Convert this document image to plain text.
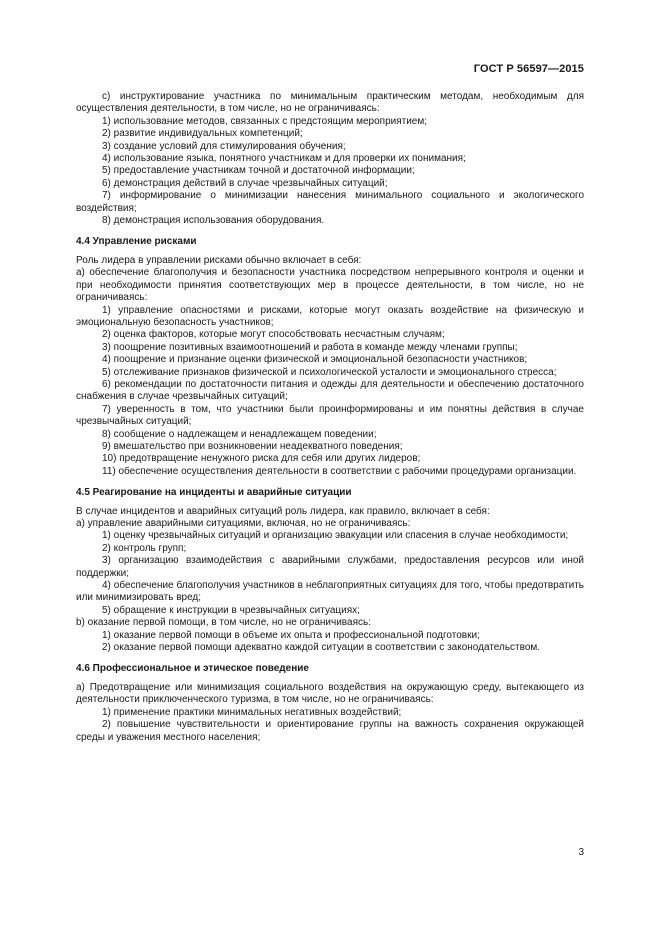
ГОСТ Р 56597—2015

с) инструктирование участника по минимальным практическим методам, необходимым для осуществления деятельности, в том числе, но не ограничиваясь:

1) использование методов, связанных с предстоящим мероприятием;

2) развитие индивидуальных компетенций;

3) создание условий для стимулирования обучения;

4) использование языка, понятного участникам и для проверки их понимания;

5) предоставление участникам точной и достаточной информации;

6) демонстрация действий в случае чрезвычайных ситуаций;

7) информирование о минимизации нанесения минимального социального и экологического воздействия;

8) демонстрация использования оборудования.

4.4 Управление рисками

Роль лидера в управлении рисками обычно включает в себя:

а) обеспечение благополучия и безопасности участника посредством непрерывного контроля и оценки и при необходимости принятия соответствующих мер в процессе деятельности, в том числе, но не ограничиваясь:

1) управление опасностями и рисками, которые могут оказать воздействие на физическую и эмоциональную безопасность участников;

2) оценка факторов, которые могут способствовать несчастным случаям;

3) поощрение позитивных взаимоотношений и работа в команде между членами группы;

4) поощрение и признание оценки физической и эмоциональной безопасности участников;

5) отслеживание признаков физической и психологической усталости и эмоционального стресса;

6) рекомендации по достаточности питания и одежды для деятельности и обеспечению достаточного снабжения в случае чрезвычайных ситуаций;

7) уверенность в том, что участники были проинформированы и им понятны действия в случае чрезвычайных ситуаций;

8) сообщение о надлежащем и ненадлежащем поведении;

9) вмешательство при возникновении неадекватного поведения;

10) предотвращение ненужного риска для себя или других лидеров;

11) обеспечение осуществления деятельности в соответствии с рабочими процедурами организации.

4.5 Реагирование на инциденты и аварийные ситуации

В случае инцидентов и аварийных ситуаций роль лидера, как правило, включает в себя:

а) управление аварийными ситуациями, включая, но не ограничиваясь:

1) оценку чрезвычайных ситуаций и организацию эвакуации или спасения в случае необходимости;

2) контроль групп;

3) организацию взаимодействия с аварийными службами, предоставления ресурсов или иной поддержки;

4) обеспечение благополучия участников в неблагоприятных ситуациях для того, чтобы предотвратить или минимизировать вред;

5) обращение к инструкции в чрезвычайных ситуациях;

b) оказание первой помощи, в том числе, но не ограничиваясь:

1) оказание первой помощи в объеме их опыта и профессиональной подготовки;

2) оказание первой помощи адекватно каждой ситуации в соответствии с законодательством.

4.6 Профессиональное и этическое поведение

а) Предотвращение или минимизация социального воздействия на окружающую среду, вытекающего из деятельности приключенческого туризма, в том числе, но не ограничиваясь:

1) применение практики минимальных негативных воздействий;

2) повышение чувствительности и ориентирование группы на важность сохранения окружающей среды и уважения местного населения;

3
